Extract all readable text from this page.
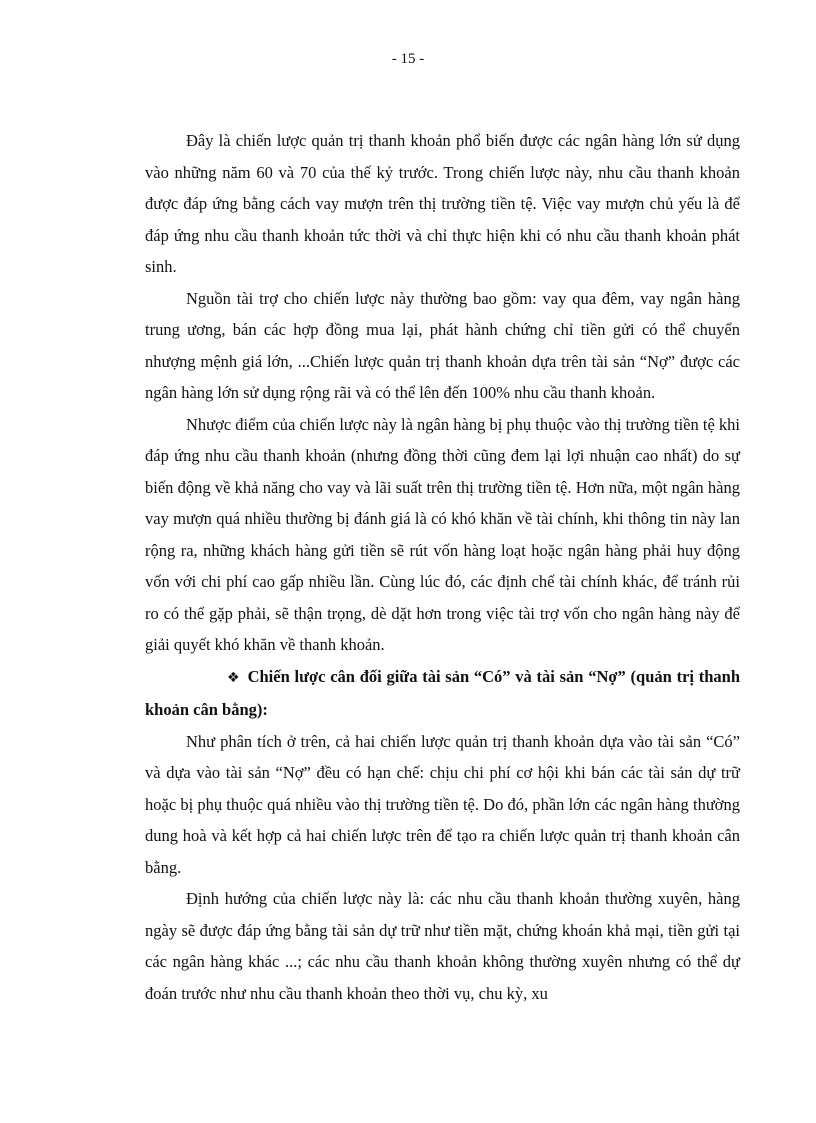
- 15 -

Đây là chiến lược quản trị thanh khoản phổ biến được các ngân hàng lớn sử dụng vào những năm 60 và 70 của thế kỷ trước. Trong chiến lược này, nhu cầu thanh khoản được đáp ứng bằng cách vay mượn trên thị trường tiền tệ. Việc vay mượn chủ yếu là để đáp ứng nhu cầu thanh khoản tức thời và chỉ thực hiện khi có nhu cầu thanh khoản phát sinh.

Nguồn tài trợ cho chiến lược này thường bao gồm: vay qua đêm, vay ngân hàng trung ương, bán các hợp đồng mua lại, phát hành chứng chỉ tiền gửi có thể chuyển nhượng mệnh giá lớn, ...Chiến lược quản trị thanh khoản dựa trên tài sản “Nợ” được các ngân hàng lớn sử dụng rộng rãi và có thể lên đến 100% nhu cầu thanh khoản.

Nhược điểm của chiến lược này là ngân hàng bị phụ thuộc vào thị trường tiền tệ khi đáp ứng nhu cầu thanh khoản (nhưng đồng thời cũng đem lại lợi nhuận cao nhất) do sự biến động về khả năng cho vay và lãi suất trên thị trường tiền tệ. Hơn nữa, một ngân hàng vay mượn quá nhiều thường bị đánh giá là có khó khăn về tài chính, khi thông tin này lan rộng ra, những khách hàng gửi tiền sẽ rút vốn hàng loạt hoặc ngân hàng phải huy động vốn với chi phí cao gấp nhiều lần. Cùng lúc đó, các định chế tài chính khác, để tránh rủi ro có thể gặp phải, sẽ thận trọng, dè dặt hơn trong việc tài trợ vốn cho ngân hàng này để giải quyết khó khăn về thanh khoản.

❖ Chiến lược cân đối giữa tài sản “Có” và tài sản “Nợ” (quản trị thanh khoản cân bằng):

Như phân tích ở trên, cả hai chiến lược quản trị thanh khoản dựa vào tài sản “Có” và dựa vào tài sản “Nợ” đều có hạn chế: chịu chi phí cơ hội khi bán các tài sản dự trữ hoặc bị phụ thuộc quá nhiều vào thị trường tiền tệ. Do đó, phần lớn các ngân hàng thường dung hoà và kết hợp cả hai chiến lược trên để tạo ra chiến lược quản trị thanh khoản cân bằng.

Định hướng của chiến lược này là: các nhu cầu thanh khoản thường xuyên, hàng ngày sẽ được đáp ứng bằng tài sản dự trữ như tiền mặt, chứng khoán khả mại, tiền gửi tại các ngân hàng khác ...; các nhu cầu thanh khoản không thường xuyên nhưng có thể dự đoán trước như nhu cầu thanh khoản theo thời vụ, chu kỳ, xu
